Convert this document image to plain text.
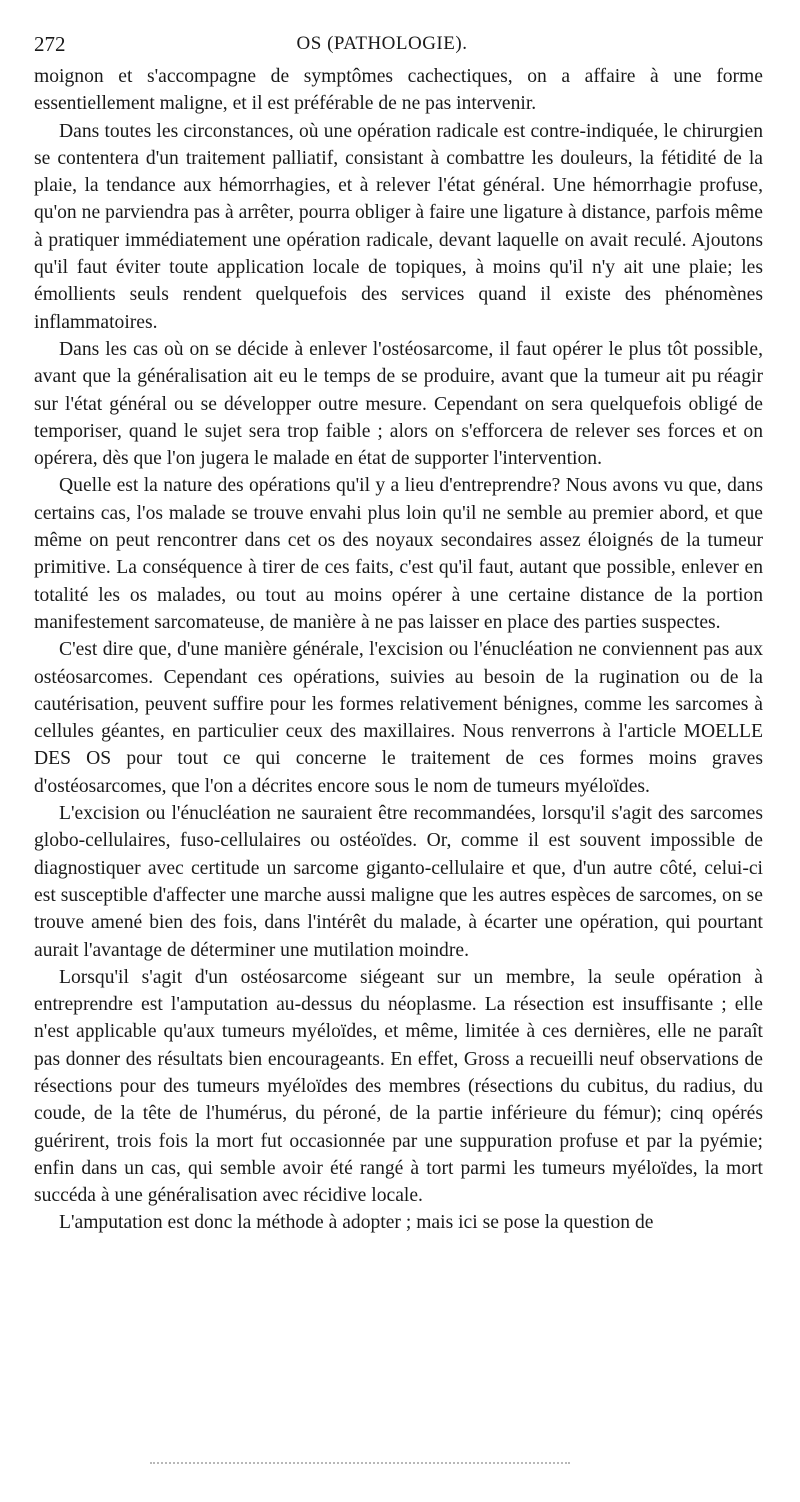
272	OS (PATHOLOGIE).

moignon et s'accompagne de symptômes cachectiques, on a affaire à une forme essentiellement maligne, et il est préférable de ne pas intervenir.

Dans toutes les circonstances, où une opération radicale est contre-indiquée, le chirurgien se contentera d'un traitement palliatif, consistant à combattre les douleurs, la fétidité de la plaie, la tendance aux hémorrhagies, et à relever l'état général. Une hémorrhagie profuse, qu'on ne parviendra pas à arrêter, pourra obliger à faire une ligature à distance, parfois même à pratiquer immédiatement une opération radicale, devant laquelle on avait reculé. Ajoutons qu'il faut éviter toute application locale de topiques, à moins qu'il n'y ait une plaie; les émollients seuls rendent quelquefois des services quand il existe des phénomènes inflammatoires.

Dans les cas où on se décide à enlever l'ostéosarcome, il faut opérer le plus tôt possible, avant que la généralisation ait eu le temps de se produire, avant que la tumeur ait pu réagir sur l'état général ou se développer outre mesure. Cependant on sera quelquefois obligé de temporiser, quand le sujet sera trop faible ; alors on s'efforcera de relever ses forces et on opérera, dès que l'on jugera le malade en état de supporter l'intervention.

Quelle est la nature des opérations qu'il y a lieu d'entreprendre? Nous avons vu que, dans certains cas, l'os malade se trouve envahi plus loin qu'il ne semble au premier abord, et que même on peut rencontrer dans cet os des noyaux secondaires assez éloignés de la tumeur primitive. La conséquence à tirer de ces faits, c'est qu'il faut, autant que possible, enlever en totalité les os malades, ou tout au moins opérer à une certaine distance de la portion manifestement sarcomateuse, de manière à ne pas laisser en place des parties suspectes.

C'est dire que, d'une manière générale, l'excision ou l'énucléation ne conviennent pas aux ostéosarcomes. Cependant ces opérations, suivies au besoin de la rugination ou de la cautérisation, peuvent suffire pour les formes relativement bénignes, comme les sarcomes à cellules géantes, en particulier ceux des maxillaires. Nous renverrons à l'article MOELLE DES OS pour tout ce qui concerne le traitement de ces formes moins graves d'ostéosarcomes, que l'on a décrites encore sous le nom de tumeurs myéloïdes.

L'excision ou l'énucléation ne sauraient être recommandées, lorsqu'il s'agit des sarcomes globo-cellulaires, fuso-cellulaires ou ostéoïdes. Or, comme il est souvent impossible de diagnostiquer avec certitude un sarcome giganto-cellulaire et que, d'un autre côté, celui-ci est susceptible d'affecter une marche aussi maligne que les autres espèces de sarcomes, on se trouve amené bien des fois, dans l'intérêt du malade, à écarter une opération, qui pourtant aurait l'avantage de déterminer une mutilation moindre.

Lorsqu'il s'agit d'un ostéosarcome siégeant sur un membre, la seule opération à entreprendre est l'amputation au-dessus du néoplasme. La résection est insuffisante ; elle n'est applicable qu'aux tumeurs myéloïdes, et même, limitée à ces dernières, elle ne paraît pas donner des résultats bien encourageants. En effet, Gross a recueilli neuf observations de résections pour des tumeurs myéloïdes des membres (résections du cubitus, du radius, du coude, de la tête de l'humérus, du péroné, de la partie inférieure du fémur); cinq opérés guérirent, trois fois la mort fut occasionnée par une suppuration profuse et par la pyémie; enfin dans un cas, qui semble avoir été rangé à tort parmi les tumeurs myéloïdes, la mort succéda à une généralisation avec récidive locale.

L'amputation est donc la méthode à adopter ; mais ici se pose la question de
